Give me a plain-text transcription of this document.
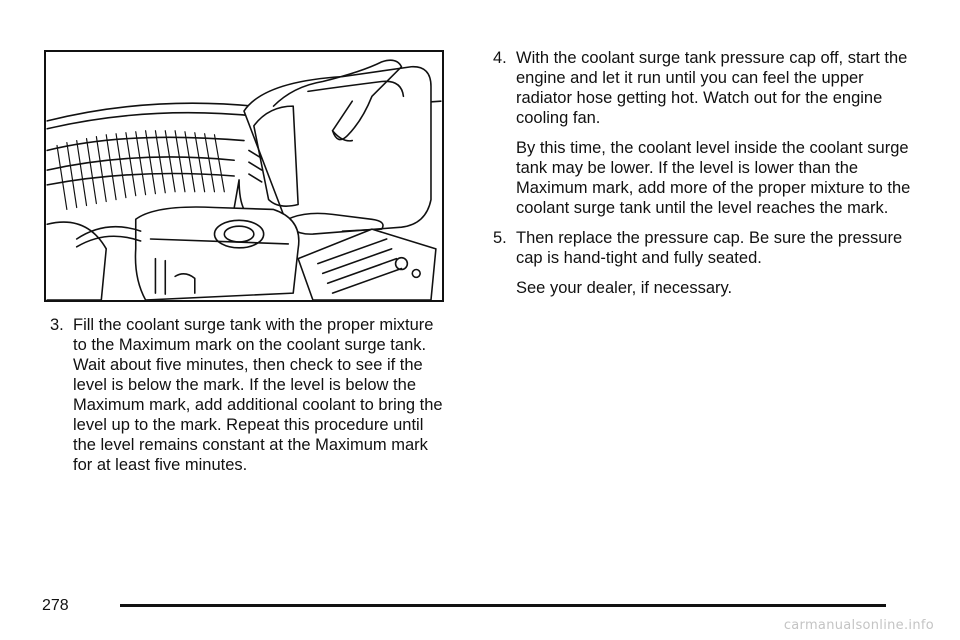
3. Fill the coolant surge tank with the proper mixture to the Maximum mark on the coolant surge tank. Wait about five minutes, then check to see if the level is below the mark. If the level is below the Maximum mark, add additional coolant to bring the level up to the mark. Repeat this procedure until the level remains constant at the Maximum mark for at least five minutes.

4. With the coolant surge tank pressure cap off, start the engine and let it run until you can feel the upper radiator hose getting hot. Watch out for the engine cooling fan.

By this time, the coolant level inside the coolant surge tank may be lower. If the level is lower than the Maximum mark, add more of the proper mixture to the coolant surge tank until the level reaches the mark.

5. Then replace the pressure cap. Be sure the pressure cap is hand-tight and fully seated.

See your dealer, if necessary.

278
carmanualsonline.info
